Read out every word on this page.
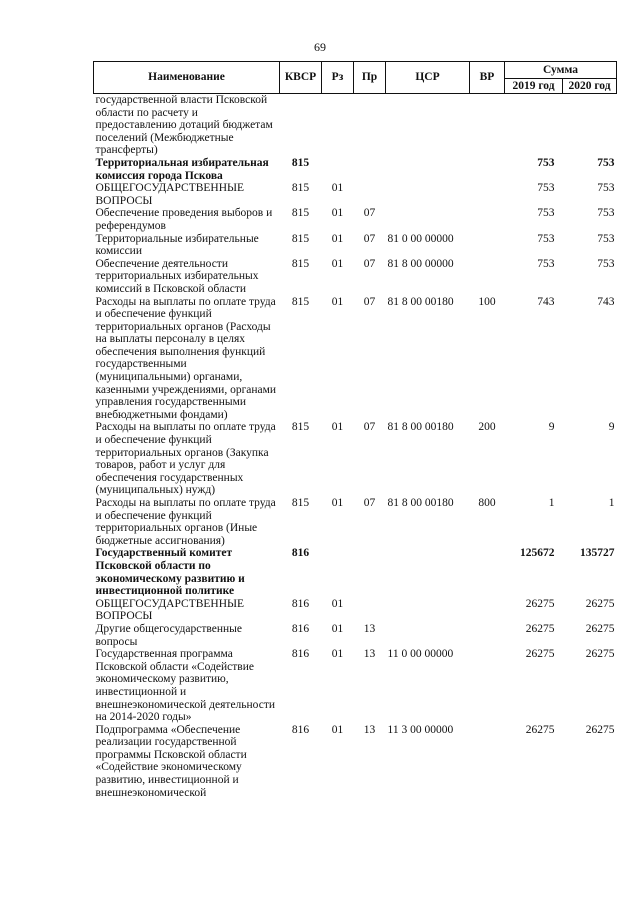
69
Наименование	КВСР	Рз	Пр	ЦСР	ВР	Сумма	
						2019 год	2020 год
государственной власти Псковской области по расчету и предоставлению дотаций бюджетам поселений (Межбюджетные трансферты)							
Территориальная избирательная комиссия города Пскова	815					753	753
ОБЩЕГОСУДАРСТВЕННЫЕ ВОПРОСЫ	815	01				753	753
Обеспечение проведения выборов и референдумов	815	01	07			753	753
Территориальные избирательные комиссии	815	01	07	81 0 00 00000		753	753
Обеспечение деятельности территориальных избирательных комиссий в Псковской области	815	01	07	81 8 00 00000		753	753
Расходы на выплаты по оплате труда и обеспечение функций территориальных органов (Расходы на выплаты персоналу в целях обеспечения выполнения функций государственными (муниципальными) органами, казенными учреждениями, органами управления государственными внебюджетными фондами)	815	01	07	81 8 00 00180	100	743	743
Расходы на выплаты по оплате труда и обеспечение функций территориальных органов (Закупка товаров, работ и услуг для обеспечения государственных (муниципальных) нужд)	815	01	07	81 8 00 00180	200	9	9
Расходы на выплаты по оплате труда и обеспечение функций территориальных органов (Иные бюджетные ассигнования)	815	01	07	81 8 00 00180	800	1	1
Государственный комитет Псковской области по экономическому развитию и инвестиционной политике	816					125672	135727
ОБЩЕГОСУДАРСТВЕННЫЕ ВОПРОСЫ	816	01				26275	26275
Другие общегосударственные вопросы	816	01	13			26275	26275
Государственная программа Псковской области «Содействие экономическому развитию, инвестиционной и внешнеэкономической деятельности на 2014-2020 годы»	816	01	13	11 0 00 00000		26275	26275
Подпрограмма «Обеспечение реализации государственной программы Псковской области «Содействие экономическому развитию, инвестиционной и внешнеэкономической	816	01	13	11 3 00 00000		26275	26275
